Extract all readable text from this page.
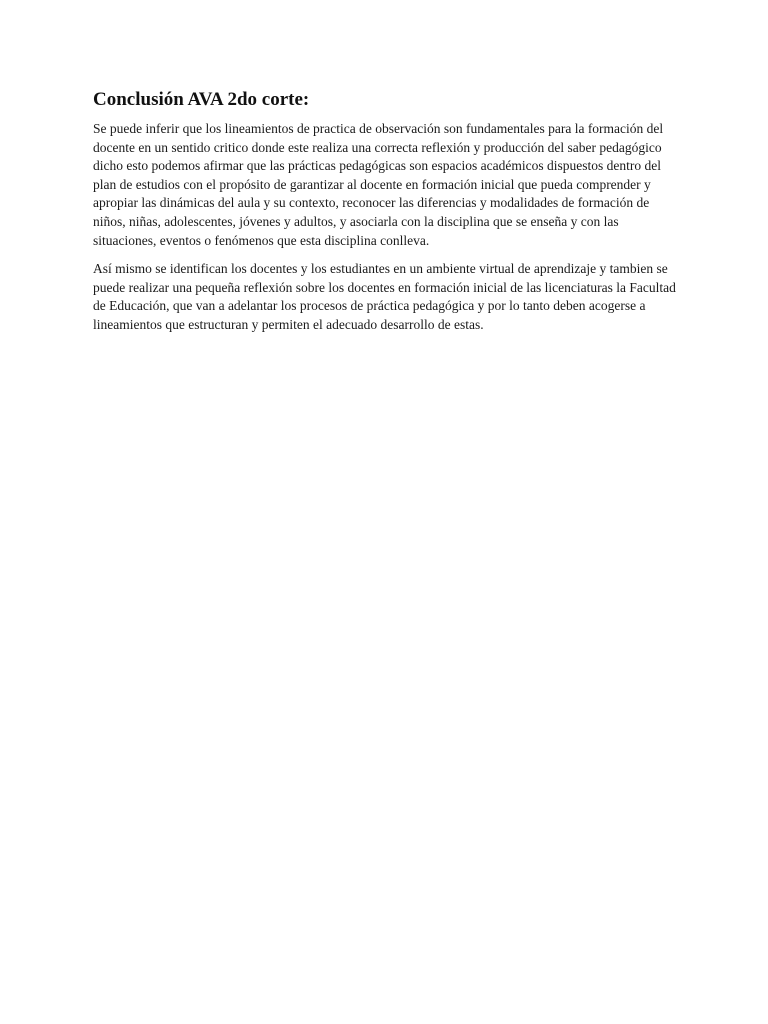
Conclusión AVA 2do corte:

Se puede inferir que los lineamientos de practica de observación son fundamentales para la formación del docente en un sentido critico donde este realiza una correcta reflexión y producción del saber pedagógico dicho esto podemos afirmar que las prácticas pedagógicas son espacios académicos dispuestos dentro del plan de estudios con el propósito de garantizar al docente en formación inicial que pueda comprender y apropiar las dinámicas del aula y su contexto, reconocer las diferencias y modalidades de formación de niños, niñas, adolescentes, jóvenes y adultos, y asociarla con la disciplina que se enseña y con las situaciones, eventos o fenómenos que esta disciplina conlleva.

Así mismo se identifican los docentes y los estudiantes en un ambiente virtual de aprendizaje y tambien se puede realizar una pequeña reflexión sobre los docentes en formación inicial de las licenciaturas la Facultad de Educación, que van a adelantar los procesos de práctica pedagógica y por lo tanto deben acogerse a lineamientos que estructuran y permiten el adecuado desarrollo de estas.
